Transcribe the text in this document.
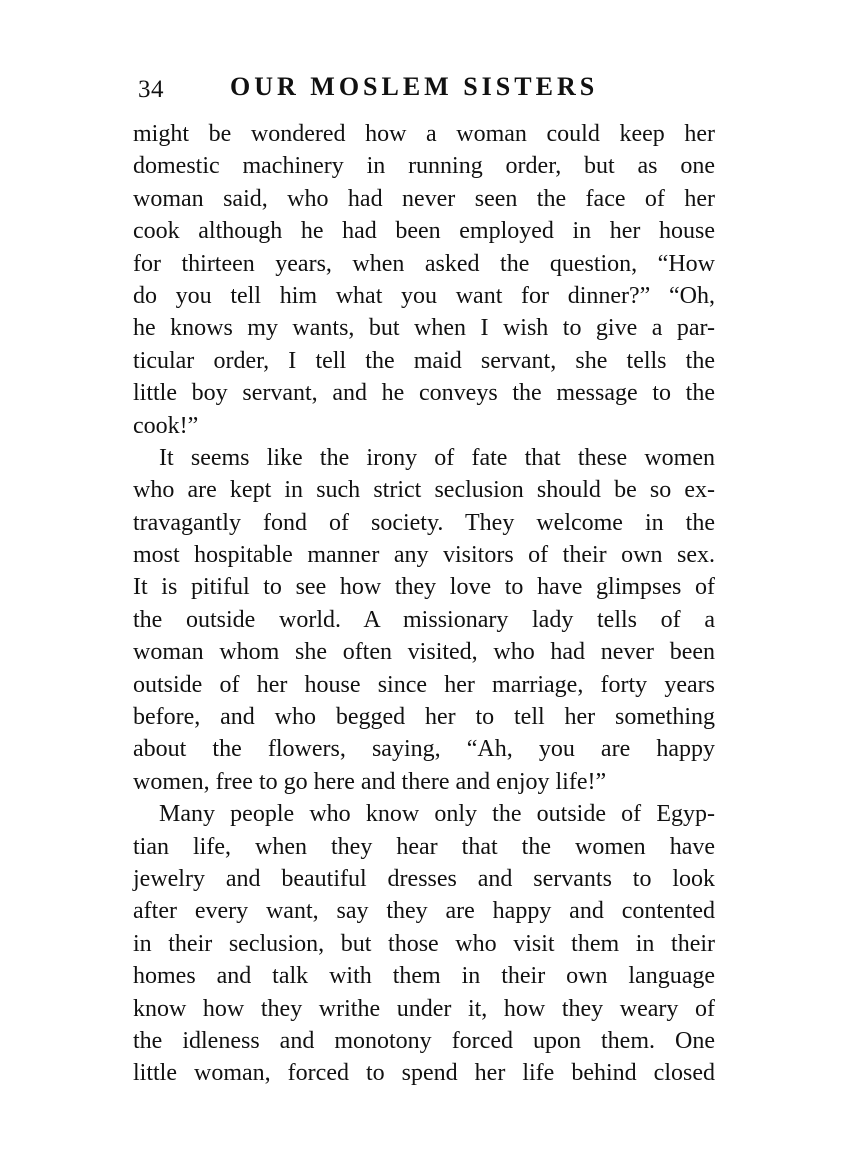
34	OUR MOSLEM SISTERS
might be wondered how a woman could keep her
domestic machinery in running order, but as one
woman said, who had never seen the face of her
cook although he had been employed in her house
for thirteen years, when asked the question, “How
do you tell him what you want for dinner?” “Oh,
he knows my wants, but when I wish to give a par-
ticular order, I tell the maid servant, she tells the
little boy servant, and he conveys the message to the
cook!”
It seems like the irony of fate that these women
who are kept in such strict seclusion should be so ex-
travagantly fond of society. They welcome in the
most hospitable manner any visitors of their own sex.
It is pitiful to see how they love to have glimpses of
the outside world. A missionary lady tells of a
woman whom she often visited, who had never been
outside of her house since her marriage, forty years
before, and who begged her to tell her something
about the flowers, saying, “Ah, you are happy
women, free to go here and there and enjoy life!”
Many people who know only the outside of Egyp-
tian life, when they hear that the women have
jewelry and beautiful dresses and servants to look
after every want, say they are happy and contented
in their seclusion, but those who visit them in their
homes and talk with them in their own language
know how they writhe under it, how they weary of
the idleness and monotony forced upon them. One
little woman, forced to spend her life behind closed
